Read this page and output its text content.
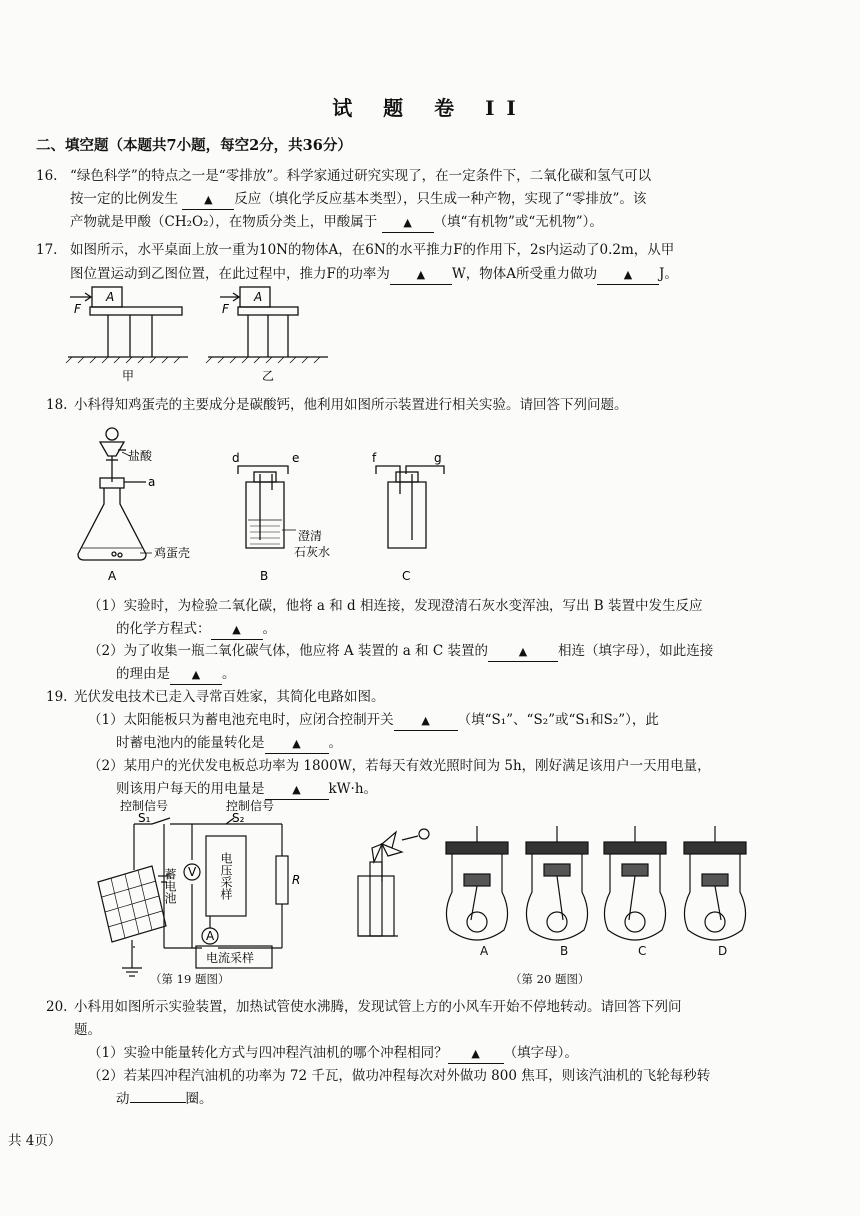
试 题 卷 II
二、填空题（本题共7小题，每空2分，共36分）
16. “绿色科学”的特点之一是“零排放”。科学家通过研究实现了，在一定条件下，二氧化碳和氢气可以
按一定的比例发生 ▲ 反应（填化学反应基本类型），只生成一种产物，实现了“零排放”。该
产物就是甲酸（CH₂O₂），在物质分类上，甲酸属于 ▲ （填“有机物”或“无机物”）。
17. 如图所示，水平桌面上放一重为10N的物体A，在6N的水平推力F的作用下，2s内运动了0.2m，从甲
图位置运动到乙图位置，在此过程中，推力F的功率为 ▲ W，物体A所受重力做功 ▲ J。
A
F
A
F
甲	乙
18. 小科得知鸡蛋壳的主要成分是碳酸钙，他利用如图所示装置进行相关实验。请回答下列问题。
盐酸
a
鸡蛋壳
d	e
澄清
石灰水
f	g
A	B	C
（1）实验时，为检验二氧化碳，他将 a 和 d 相连接，发现澄清石灰水变浑浊，写出 B 装置中发生反应
的化学方程式： ▲ 。
（2）为了收集一瓶二氧化碳气体，他应将 A 装置的 a 和 C 装置的	▲ 相连（填字母），如此连接
的理由是 ▲ 。
19. 光伏发电技术已走入寻常百姓家，其简化电路如图。
（1）太阳能板只为蓄电池充电时，应闭合控制开关	▲ （填“S₁”、“S₂”或“S₁和S₂”），此
时蓄电池内的能量转化是	▲ 。
（2）某用户的光伏发电板总功率为 1800W，若每天有效光照时间为 5h，刚好满足该用户一天用电量，
则该用户每天的用电量是	▲ kW·h。
控制信号	控制信号
S₁	S₂
蓄电池 V 电压采样
A
R
电流采样
（第 19 题图）
A	B	C	D
（第 20 题图）
20. 小科用如图所示实验装置，加热试管使水沸腾，发现试管上方的小风车开始不停地转动。请回答下列问
题。
（1）实验中能量转化方式与四冲程汽油机的哪个冲程相同？ ▲ （填字母）。
（2）若某四冲程汽油机的功率为 72 千瓦，做功冲程每次对外做功 800 焦耳，则该汽油机的飞轮每秒转
动	圈。
共 4页）
